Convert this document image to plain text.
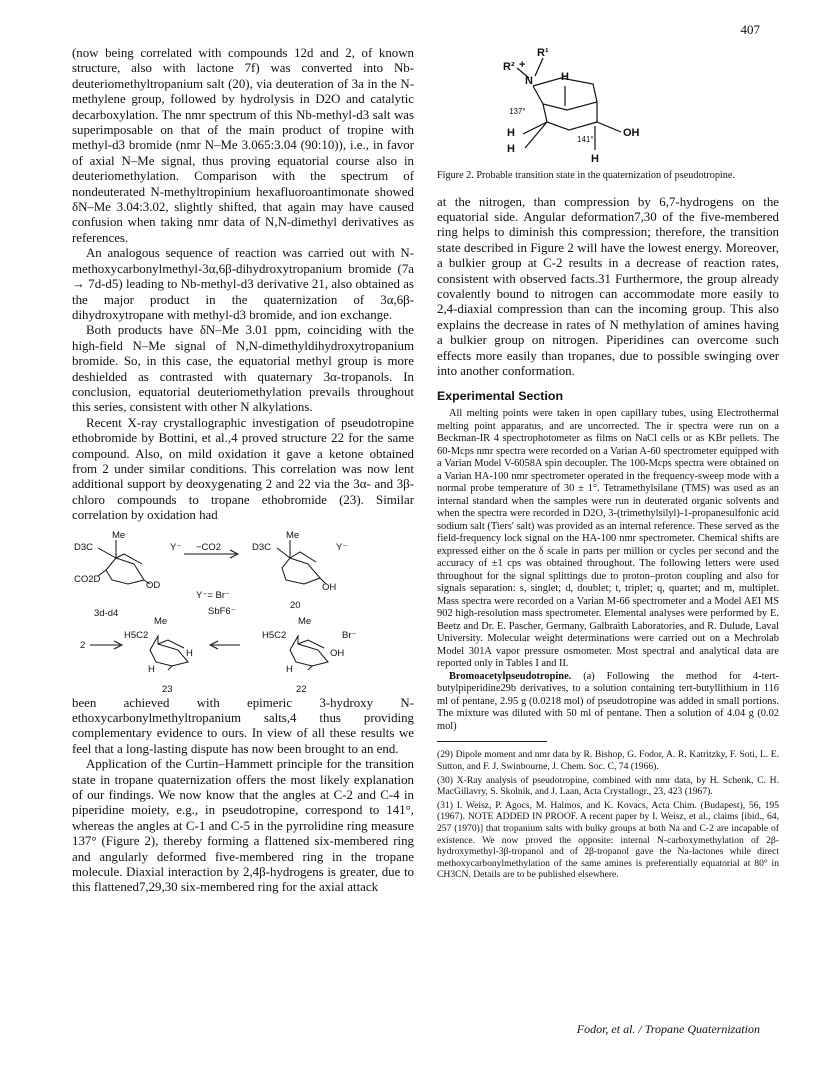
407

(now being correlated with compounds 12d and 2, of known structure, also with lactone 7f) was converted into Nb-deuteriomethyltropanium salt (20), via deuteration of 3a in the N-methylene group, followed by hydrolysis in D2O and catalytic decarboxylation. The nmr spectrum of this Nb-methyl-d3 salt was superimposable on that of the main product of tropine with methyl-d3 bromide (nmr N–Me 3.065:3.04 (90:10)), i.e., in favor of axial N–Me signal, thus proving equatorial course also in deuteriomethylation. Comparison with the spectrum of nondeuterated N-methyltropinium hexafluoroantimonate showed δN–Me 3.04:3.02, slightly shifted, that again may have caused confusion when taking nmr data of N,N-dimethyl derivatives as references.

An analogous sequence of reaction was carried out with N-methoxycarbonylmethyl-3α,6β-dihydroxytropanium bromide (7a → 7d-d5) leading to Nb-methyl-d3 derivative 21, also obtained as the major product in the quaternization of 3α,6β-dihydroxytropane with methyl-d3 bromide, and ion exchange.

Both products have δN–Me 3.01 ppm, coinciding with the high-field N–Me signal of N,N-dimethyldihydroxytropanium bromide. So, in this case, the equatorial methyl group is more deshielded as contrasted with quaternary 3α-tropanols. In conclusion, equatorial deuteriomethylation prevails throughout this series, consistent with other N alkylations.

Recent X-ray crystallographic investigation of pseudotropine ethobromide by Bottini, et al.,4 proved structure 22 for the same compound. Also, on mild oxidation it gave a ketone obtained from 2 under similar conditions. This correlation was now lent additional support by deoxygenating 2 and 22 via the 3α- and 3β-chloro compounds to tropane ethobromide (23). Similar correlation by oxidation had

Me
D3C
CO2D
OD
Y⁻
3d-d4
−CO2
Y⁻= Br⁻
SbF6⁻
Me
D3C
OH
Y⁻
20
Me
H5C2
H
H
2
23
Me
H5C2	Br⁻
OH
H
22

been achieved with epimeric 3-hydroxy N-ethoxycarbonylmethyltropanium salts,4 thus providing complementary evidence to ours. In view of all these results we feel that a long-lasting dispute has now been brought to an end.

Application of the Curtin–Hammett principle for the transition state in tropane quaternization offers the most likely explanation of our findings. We now know that the angles at C-2 and C-4 in piperidine moiety, e.g., in pseudotropine, correspond to 141°, whereas the angles at C-1 and C-5 in the pyrrolidine ring measure 137° (Figure 2), thereby forming a flattened six-membered ring and angularly deformed five-membered ring in the tropane molecule. Diaxial interaction by 2,4β-hydrogens is greater, due to this flattened7,29,30 six-membered ring for the axial attack

R² +
R¹
N	H
OH
H
H
H
137°
141°
Figure 2. Probable transition state in the quaternization of pseudotropine.

at the nitrogen, than compression by 6,7-hydrogens on the equatorial side. Angular deformation7,30 of the five-membered ring helps to diminish this compression; therefore, the transition state described in Figure 2 will have the lowest energy. Moreover, a bulkier group at C-2 results in a decrease of reaction rates, consistent with observed facts.31 Furthermore, the group already covalently bound to nitrogen can accommodate more easily to 2,4-diaxial compression than can the incoming group. This also explains the decrease in rates of N methylation of amines having a bulkier group on nitrogen. Piperidines can overcome such effects more easily than tropanes, due to possible swinging over into another conformation.

Experimental Section

All melting points were taken in open capillary tubes, using Electrothermal melting point apparatus, and are uncorrected. The ir spectra were run on a Beckman-IR 4 spectrophotometer as films on NaCl cells or as KBr pellets. The 60-Mcps nmr spectra were recorded on a Varian A-60 spectrometer equipped with a Varian Model V-6058A spin decoupler. The 100-Mcps spectra were obtained on a Varian HA-100 nmr spectrometer operated in the frequency-sweep mode with a normal probe temperature of 30 ± 1°. Tetramethylsilane (TMS) was used as an internal standard when the samples were run in deuterated organic solvents and when the spectra were recorded in D2O, 3-(trimethylsilyl)-1-propanesulfonic acid sodium salt (Tiers' salt) was provided as an internal reference. These served as the field-frequency lock signal on the HA-100 nmr spectrometer. Chemical shifts are expressed either on the δ scale in parts per million or cycles per second and the accuracy of ±1 cps was obtained throughout. The following letters were used throughout for the signal splittings due to proton–proton coupling and also for signals separation: s, singlet; d, doublet; t, triplet; q, quartet; and m, multiplet. Mass spectra were recorded on a Varian M-66 spectrometer and a Model AEI MS 902 high-resolution mass spectrometer. Elemental analyses were performed by E. Beetz and Dr. E. Pascher, Germany, Galbraith Laboratories, and R. Dulude, Laval University. Molecular weight determinations were carried out on a Mechrolab Model 301A vapor pressure osmometer. Most spectral and analytical data are reported only in Tables I and II.

Bromoacetylpseudotropine. (a) Following the method for 4-tert-butylpiperidine29b derivatives, to a solution containing tert-butyllithium in 116 ml of pentane, 2.95 g (0.0218 mol) of pseudotropine was added in small portions. The mixture was diluted with 50 ml of pentane. Then a solution of 4.04 g (0.02 mol)

(29) Dipole moment and nmr data by R. Bishop, G. Fodor, A. R. Katritzky, F. Soti, L. E. Sutton, and F. J. Swinbourne, J. Chem. Soc. C, 74 (1966).

(30) X-Ray analysis of pseudotropine, combined with nmr data, by H. Schenk, C. H. MacGillavry, S. Skolnik, and J. Laan, Acta Crystallogr., 23, 423 (1967).

(31) I. Weisz, P. Agocs, M. Halmos, and K. Kovacs, Acta Chim. (Budapest), 56, 195 (1967). NOTE ADDED IN PROOF. A recent paper by I. Weisz, et al., claims [ibid., 64, 257 (1970)] that tropanium salts with bulky groups at both Na and C-2 are incapable of existence. We now proved the opposite: internal N-carboxymethylation of 2β-hydroxymethyl-3β-tropanol and of 2β-tropanol gave the Na-lactones while direct methoxycarbonylmethylation of the same amines is preferentially equatorial at 80° in CH3CN. Details are to be published elsewhere.

Fodor, et al. / Tropane Quaternization
